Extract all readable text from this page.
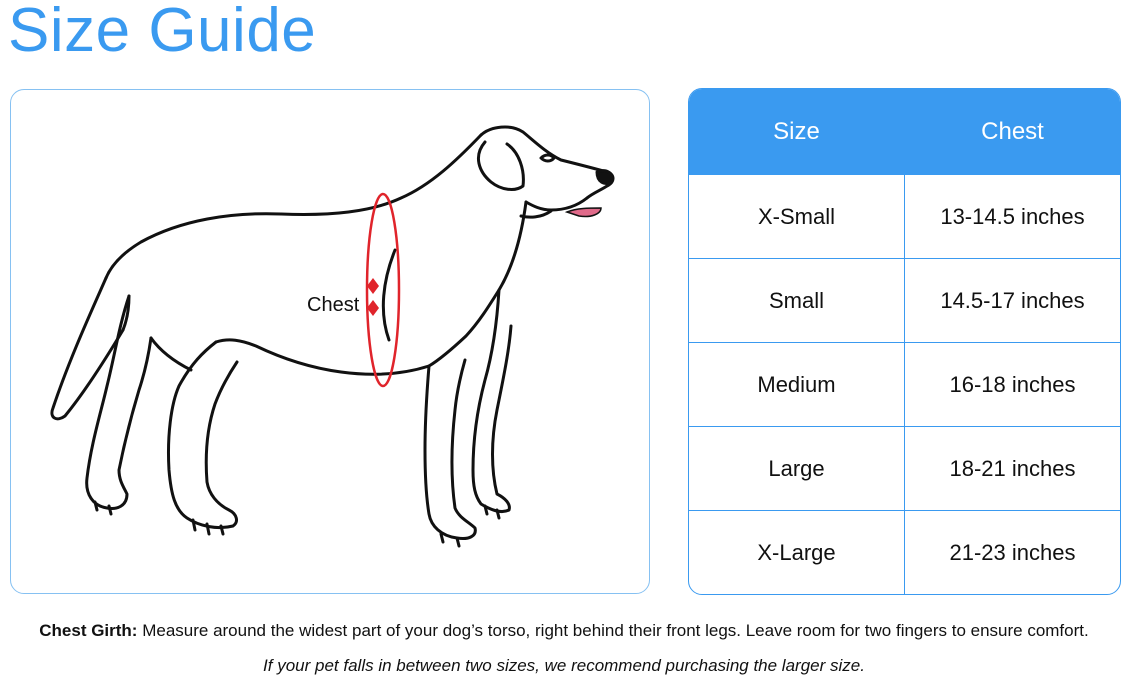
Size Guide
Chest
Size	Chest
X-Small	13-14.5 inches
Small	14.5-17 inches
Medium	16-18 inches
Large	18-21 inches
X-Large	21-23 inches
Chest Girth: Measure around the widest part of your dog’s torso, right behind their front legs. Leave room for two fingers to ensure comfort.
If your pet falls in between two sizes, we recommend purchasing the larger size.
